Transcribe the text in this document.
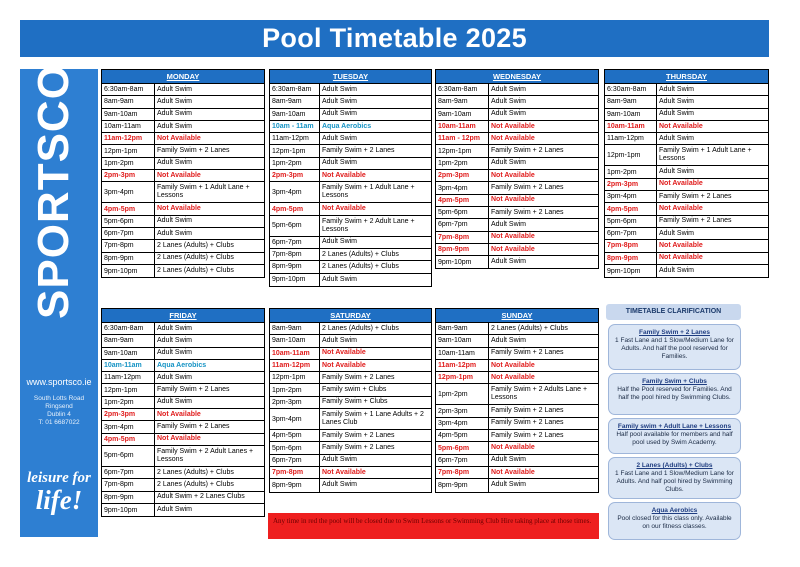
Pool Timetable 2025
SPORTSCO
www.sportsco.ie
South Lotts Road
Ringsend
Dublin 4
T: 01 6687022
leisure for
life!
MONDAY
6:30am-8am	Adult Swim
8am-9am	Adult Swim
9am-10am	Adult Swim
10am-11am	Adult Swim
11am-12pm	Not Available
12pm-1pm	Family Swim + 2 Lanes
1pm-2pm	Adult Swim
2pm-3pm	Not Available
3pm-4pm
Family Swim + 1 Adult Lane + Lessons
4pm-5pm	Not Available
5pm-6pm	Adult Swim
6pm-7pm	Adult Swim
7pm-8pm	2 Lanes (Adults) + Clubs
8pm-9pm	2 Lanes (Adults) + Clubs
9pm-10pm	2 Lanes (Adults) + Clubs
TUESDAY
6:30am-8am	Adult Swim
8am-9am	Adult Swim
9am-10am	Adult Swim
10am - 11am	Aqua Aerobics
11am-12pm	Adult Swim
12pm-1pm	Family Swim + 2 Lanes
1pm-2pm	Adult Swim
2pm-3pm	Not Available
3pm-4pm
Family Swim + 1 Adult Lane + Lessons
4pm-5pm	Not Available
5pm-6pm
Family Swim + 2 Adult Lane + Lessons
6pm-7pm	Adult Swim
7pm-8pm	2 Lanes (Adults) + Clubs
8pm-9pm	2 Lanes (Adults) + Clubs
9pm-10pm	Adult Swim
WEDNESDAY
6:30am-8am	Adult Swim
8am-9am	Adult Swim
9am-10am	Adult Swim
10am-11am	Not Available
11am - 12pm	Not Available
12pm-1pm	Family Swim + 2 Lanes
1pm-2pm	Adult Swim
2pm-3pm	Not Available
3pm-4pm	Family Swim + 2 Lanes
4pm-5pm	Not Available
5pm-6pm	Family Swim + 2 Lanes
6pm-7pm	Adult Swim
7pm-8pm	Not Available
8pm-9pm	Not Available
9pm-10pm	Adult Swim
THURSDAY
6:30am-8am	Adult Swim
8am-9am	Adult Swim
9am-10am	Adult Swim
10am-11am	Not Available
11am-12pm	Adult Swim
12pm-1pm
Family Swim + 1 Adult Lane + Lessons
1pm-2pm	Adult Swim
2pm-3pm	Not Available
3pm-4pm	Family Swim + 2 Lanes
4pm-5pm	Not Available
5pm-6pm	Family Swim + 2 Lanes
6pm-7pm	Adult Swim
7pm-8pm	Not Available
8pm-9pm	Not Available
9pm-10pm	Adult Swim
FRIDAY
6:30am-8am	Adult Swim
8am-9am	Adult Swim
9am-10am	Adult Swim
10am-11am	Aqua Aerobics
11am-12pm	Adult Swim
12pm-1pm	Family Swim + 2 Lanes
1pm-2pm	Adult Swim
2pm-3pm	Not Available
3pm-4pm	Family Swim + 2 Lanes
4pm-5pm	Not Available
5pm-6pm
Family Swim + 2 Adult Lanes + Lessons
6pm-7pm	2 Lanes (Adults) + Clubs
7pm-8pm	2 Lanes (Adults) + Clubs
8pm-9pm	Adult Swim + 2 Lanes Clubs
9pm-10pm	Adult Swim
SATURDAY
8am-9am	2 Lanes (Adults) + Clubs
9am-10am	Adult Swim
10am-11am	Not Available
11am-12pm	Not Available
12pm-1pm	Family Swim + 2 Lanes
1pm-2pm	Family swim + Clubs
2pm-3pm	Family Swim + Clubs
3pm-4pm
Family Swim + 1 Lane Adults + 2 Lanes Club
4pm-5pm	Family Swim + 2 Lanes
5pm-6pm	Family Swim + 2 Lanes
6pm-7pm	Adult Swim
7pm-8pm	Not Available
8pm-9pm	Adult Swim
SUNDAY
8am-9am	2 Lanes (Adults) + Clubs
9am-10am	Adult Swim
10am-11am	Family Swim + 2 Lanes
11am-12pm	Not Available
12pm-1pm	Not Available
1pm-2pm
Family Swim + 2 Adults Lane + Lessons
2pm-3pm	Family Swim + 2 Lanes
3pm-4pm	Family Swim + 2 Lanes
4pm-5pm	Family Swim + 2 Lanes
5pm-6pm	Not Available
6pm-7pm	Adult Swim
7pm-8pm	Not Available
8pm-9pm	Adult Swim
Any time in red the pool will be closed due to Swim Lessons or Swimming Club Hire taking place at those times.
TIMETABLE CLARIFICATION
Family Swim + 2 Lanes
1 Fast Lane and 1 Slow/Medium Lane for Adults. And half the pool reserved for Families.
Family Swim + Clubs
Half the Pool reserved for Families. And half the pool hired by Swimming Clubs.
Family swim + Adult Lane + Lessons
Half pool available for members and half pool used by Swim Academy.
2 Lanes (Adults) + Clubs
1 Fast Lane and 1 Slow/Medium Lane for Adults. And half pool hired by Swimming Clubs.
Aqua Aerobics
Pool closed for this class only. Available on our fitness classes.
